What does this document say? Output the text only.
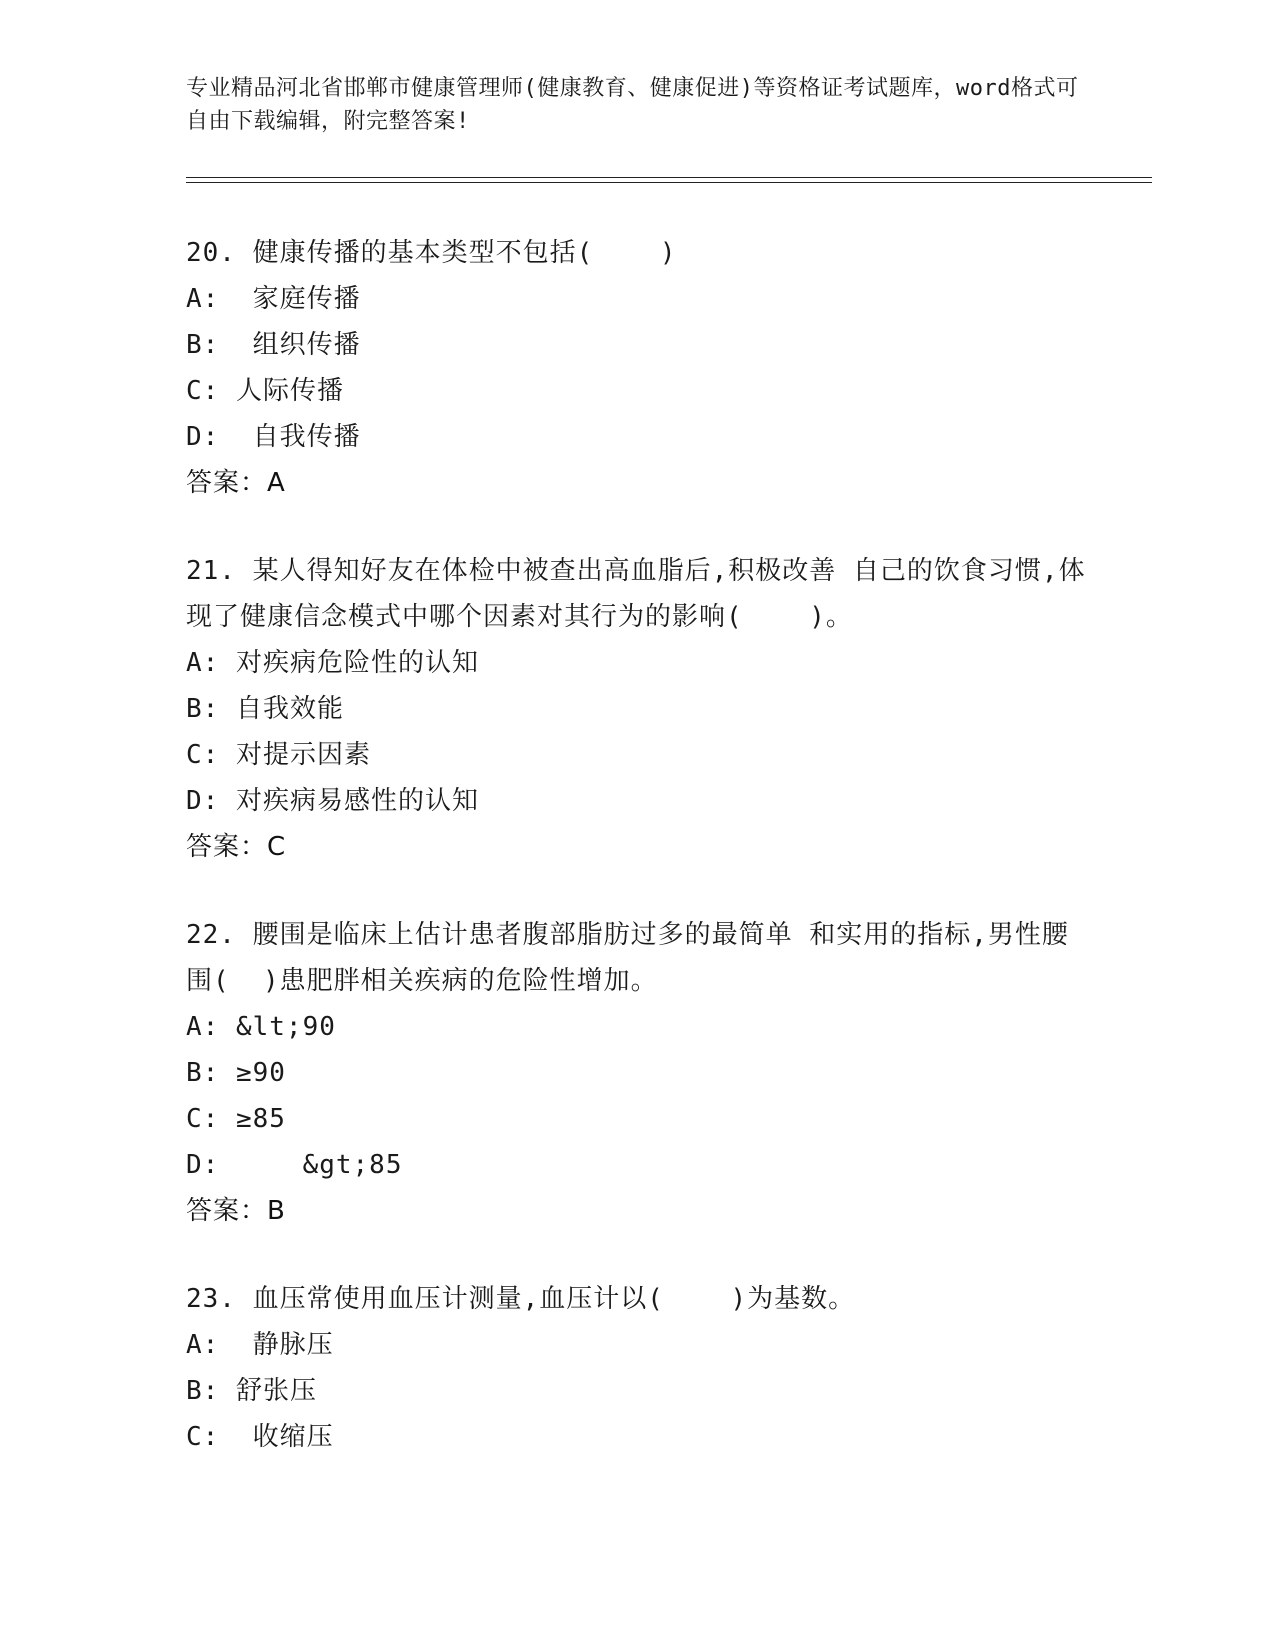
专业精品河北省邯郸市健康管理师(健康教育、健康促进)等资格证考试题库，word格式可自由下载编辑，附完整答案!
20. 健康传播的基本类型不包括(    )
A:  家庭传播
B:  组织传播
C: 人际传播
D:  自我传播
答案：A
21. 某人得知好友在体检中被查出高血脂后,积极改善 自己的饮食习惯,体现了健康信念模式中哪个因素对其行为的影响(    )。
A: 对疾病危险性的认知
B: 自我效能
C: 对提示因素
D: 对疾病易感性的认知
答案：C
22. 腰围是临床上估计患者腹部脂肪过多的最简单 和实用的指标,男性腰围(  )患肥胖相关疾病的危险性增加。
A: &lt;90
B: ≥90
C: ≥85
D:     &gt;85
答案：B
23. 血压常使用血压计测量,血压计以(    )为基数。
A:  静脉压
B: 舒张压
C:  收缩压
